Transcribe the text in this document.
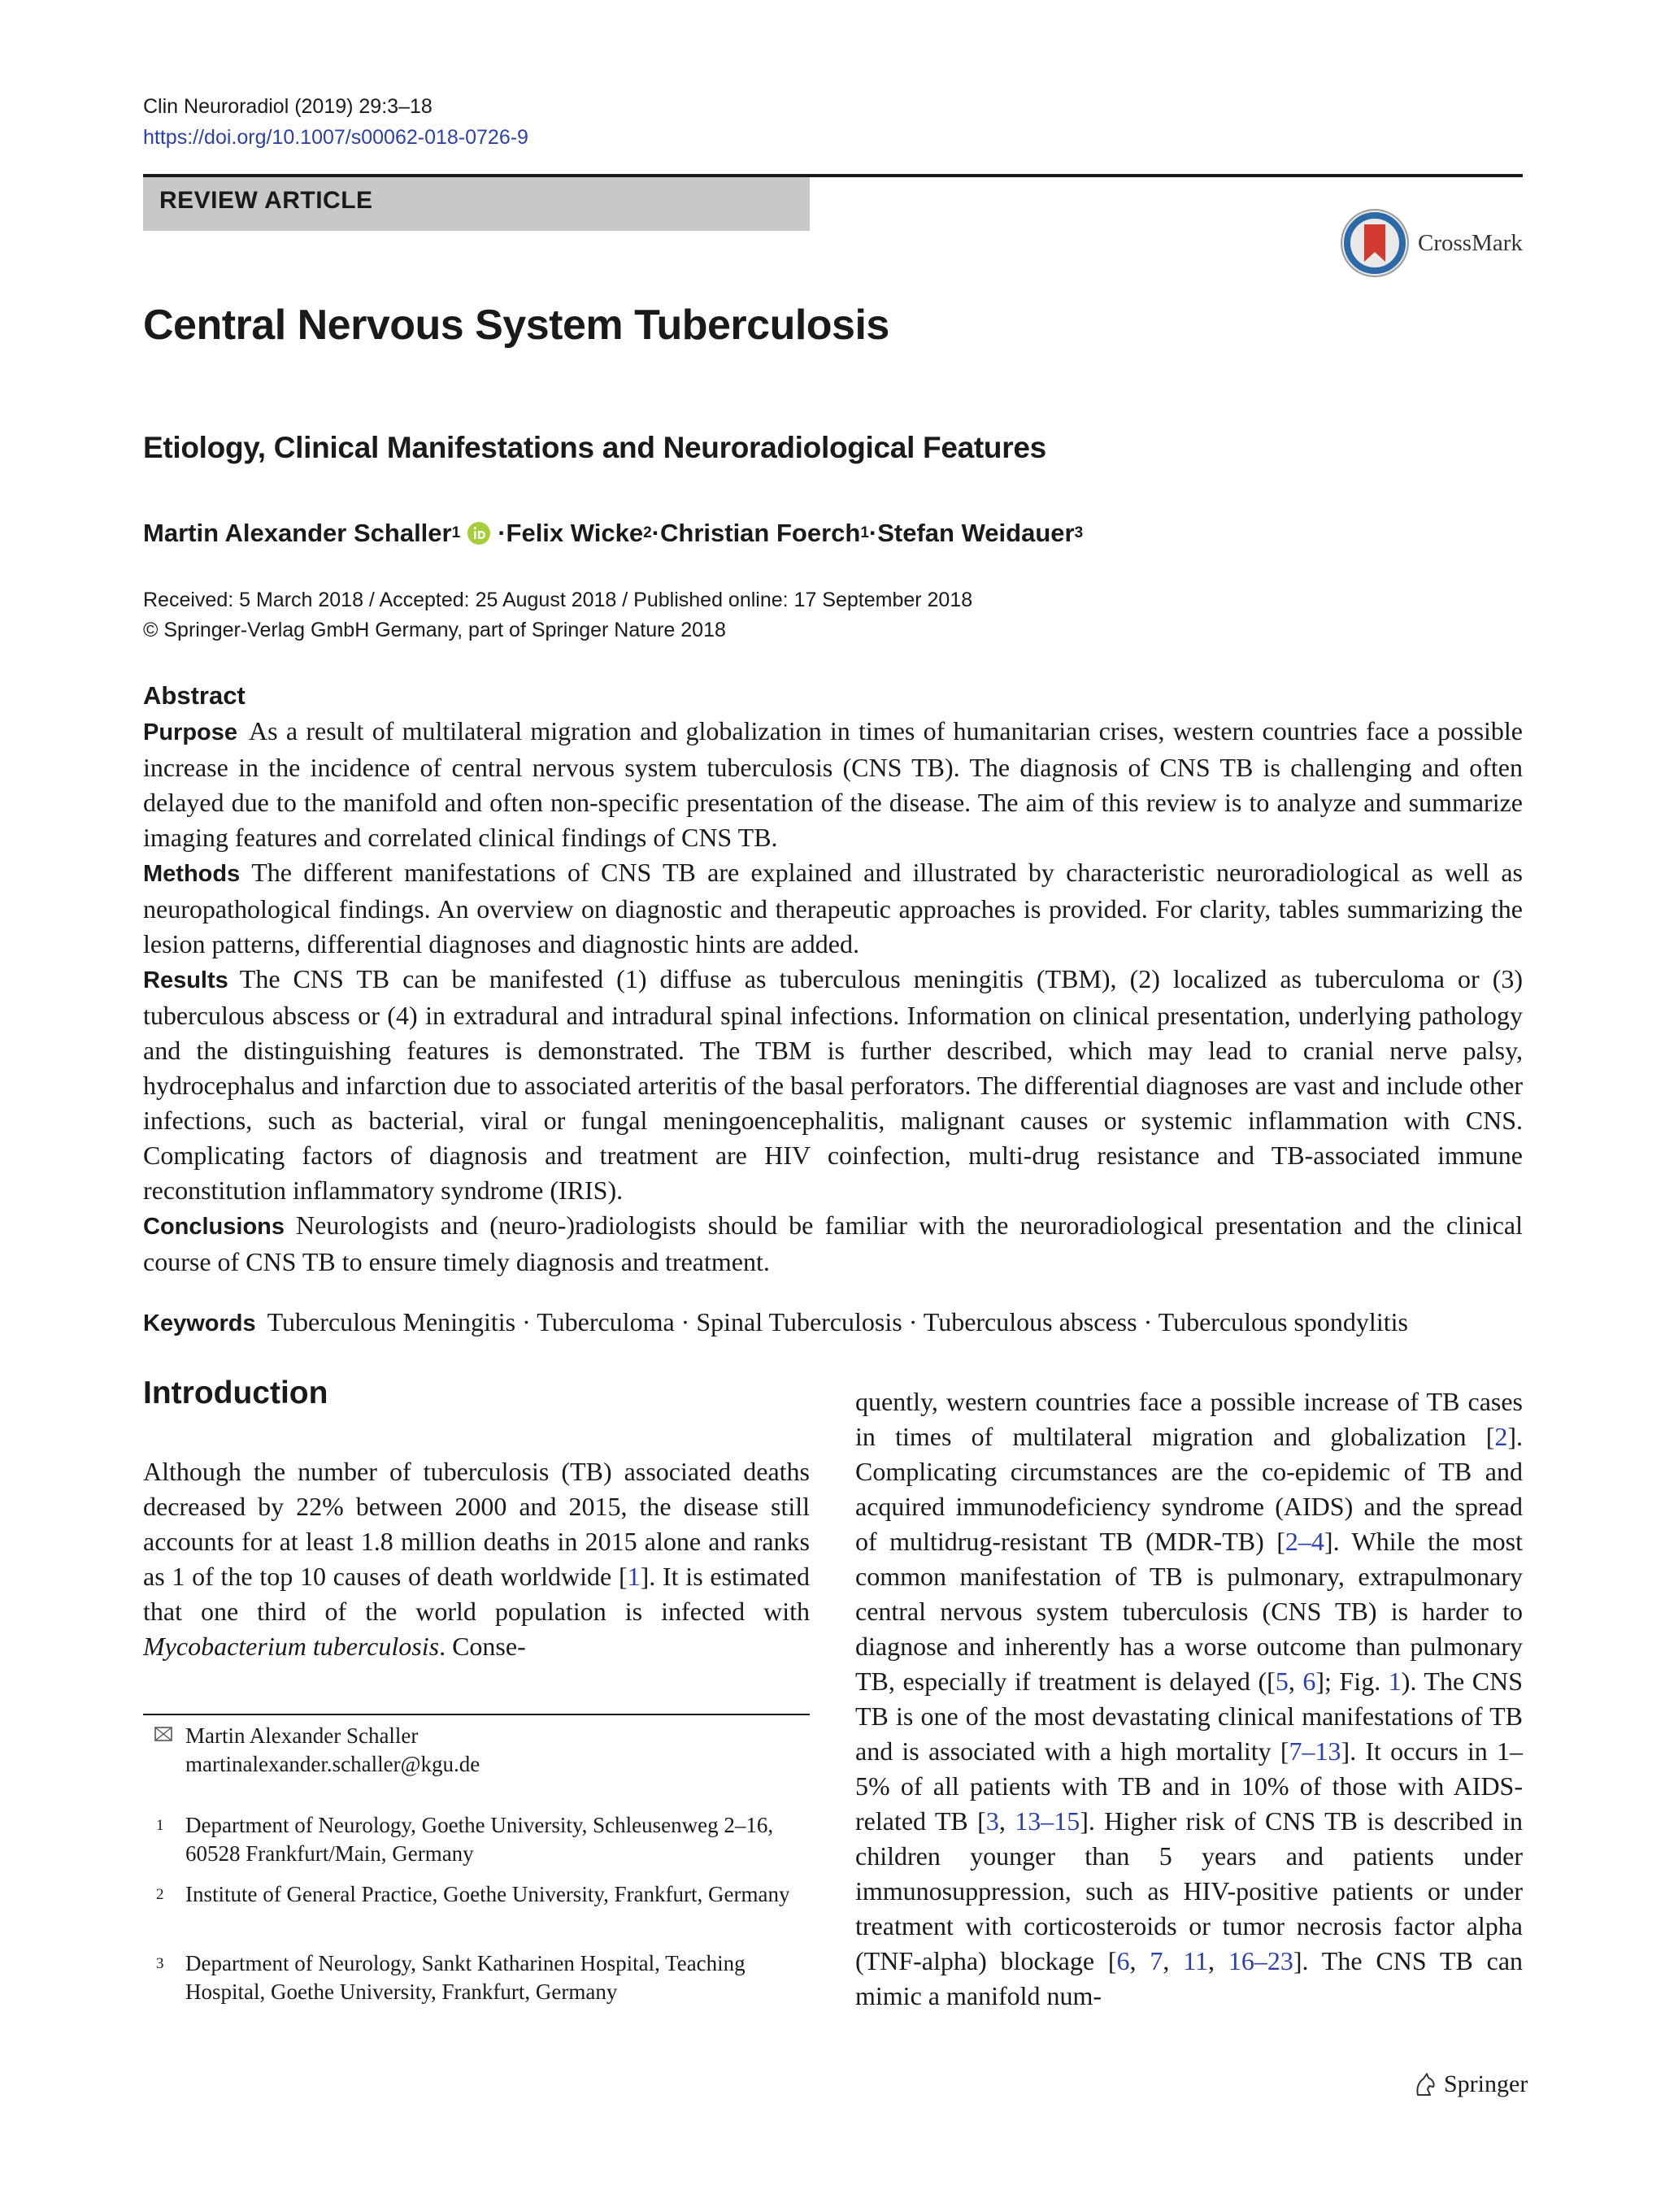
Clin Neuroradiol (2019) 29:3–18
https://doi.org/10.1007/s00062-018-0726-9
REVIEW ARTICLE
CrossMark
Central Nervous System Tuberculosis
Etiology, Clinical Manifestations and Neuroradiological Features
Martin Alexander Schaller 1 · Felix Wicke 2 · Christian Foerch 1 · Stefan Weidauer 3
Received: 5 March 2018 / Accepted: 25 August 2018 / Published online: 17 September 2018
© Springer-Verlag GmbH Germany, part of Springer Nature 2018
Abstract

Purpose As a result of multilateral migration and globalization in times of humanitarian crises, western countries face a possible increase in the incidence of central nervous system tuberculosis (CNS TB). The diagnosis of CNS TB is challenging and often delayed due to the manifold and often non-specific presentation of the disease. The aim of this review is to analyze and summarize imaging features and correlated clinical findings of CNS TB.

Methods The different manifestations of CNS TB are explained and illustrated by characteristic neuroradiological as well as neuropathological findings. An overview on diagnostic and therapeutic approaches is provided. For clarity, tables summarizing the lesion patterns, differential diagnoses and diagnostic hints are added.

Results The CNS TB can be manifested (1) diffuse as tuberculous meningitis (TBM), (2) localized as tuberculoma or (3) tuberculous abscess or (4) in extradural and intradural spinal infections. Information on clinical presentation, underlying pathology and the distinguishing features is demonstrated. The TBM is further described, which may lead to cranial nerve palsy, hydrocephalus and infarction due to associated arteritis of the basal perforators. The differential diagnoses are vast and include other infections, such as bacterial, viral or fungal meningoencephalitis, malignant causes or systemic inflammation with CNS. Complicating factors of diagnosis and treatment are HIV coinfection, multi-drug resistance and TB-associated immune reconstitution inflammatory syndrome (IRIS).

Conclusions Neurologists and (neuro-)radiologists should be familiar with the neuroradiological presentation and the clinical course of CNS TB to ensure timely diagnosis and treatment.

Keywords Tuberculous Meningitis · Tuberculoma · Spinal Tuberculosis · Tuberculous abscess · Tuberculous spondylitis
Introduction

Although the number of tuberculosis (TB) associated deaths decreased by 22% between 2000 and 2015, the disease still accounts for at least 1.8 million deaths in 2015 alone and ranks as 1 of the top 10 causes of death worldwide [1]. It is estimated that one third of the world population is infected with Mycobacterium tuberculosis. Conse-

quently, western countries face a possible increase of TB cases in times of multilateral migration and globalization [2]. Complicating circumstances are the co-epidemic of TB and acquired immunodeficiency syndrome (AIDS) and the spread of multidrug-resistant TB (MDR-TB) [2–4]. While the most common manifestation of TB is pulmonary, extrapulmonary central nervous system tuberculosis (CNS TB) is harder to diagnose and inherently has a worse outcome than pulmonary TB, especially if treatment is delayed ([5, 6]; Fig. 1). The CNS TB is one of the most devastating clinical manifestations of TB and is associated with a high mortality [7–13]. It occurs in 1–5% of all patients with TB and in 10% of those with AIDS-related TB [3, 13–15]. Higher risk of CNS TB is described in children younger than 5 years and patients under immunosuppression, such as HIV-positive patients or under treatment with corticosteroids or tumor necrosis factor alpha (TNF-alpha) blockage [6, 7, 11, 16–23]. The CNS TB can mimic a manifold num-

Martin Alexander Schaller
martinalexander.schaller@kgu.de
1 Department of Neurology, Goethe University, Schleusenweg 2–16, 60528 Frankfurt/Main, Germany
2 Institute of General Practice, Goethe University, Frankfurt, Germany
3 Department of Neurology, Sankt Katharinen Hospital, Teaching Hospital, Goethe University, Frankfurt, Germany
Springer
